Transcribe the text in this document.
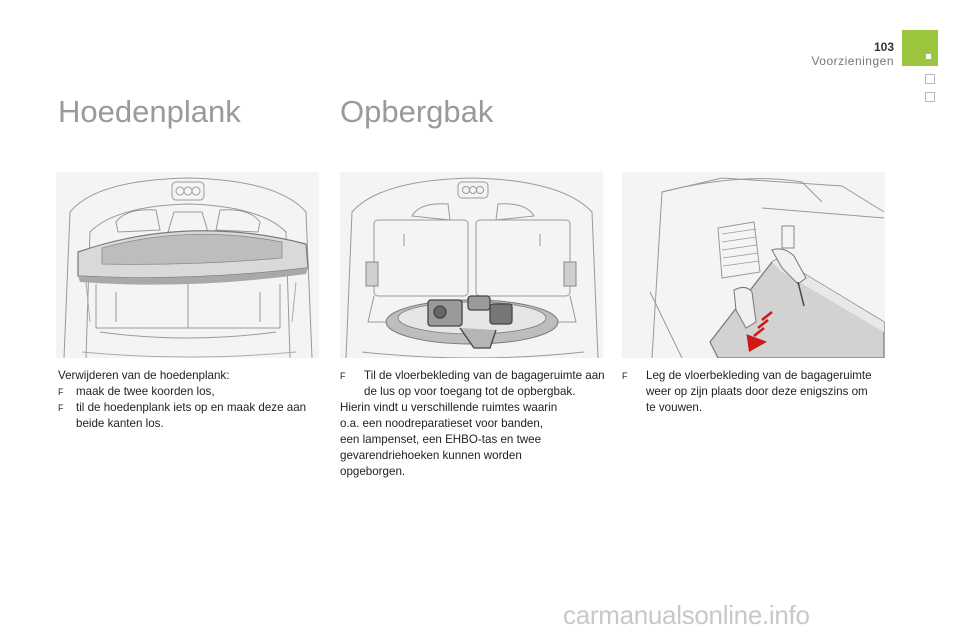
103
Voorzieningen
Hoedenplank	Opbergbak

Verwijderen van de hoedenplank:

F	maak de twee koorden los,
F	til de hoedenplank iets op en maak deze aan beide kanten los.
F	Til de vloerbekleding van de bagageruimte aan de lus op voor toegang tot de opbergbak.

Hierin vindt u verschillende ruimtes waarin

o.a. een noodreparatieset voor banden,

een lampenset, een EHBO-tas en twee

gevarendriehoeken kunnen worden

opgeborgen.

F	Leg de vloerbekleding van de bagageruimte weer op zijn plaats door deze enigszins om te vouwen.
carmanualsonline.info
